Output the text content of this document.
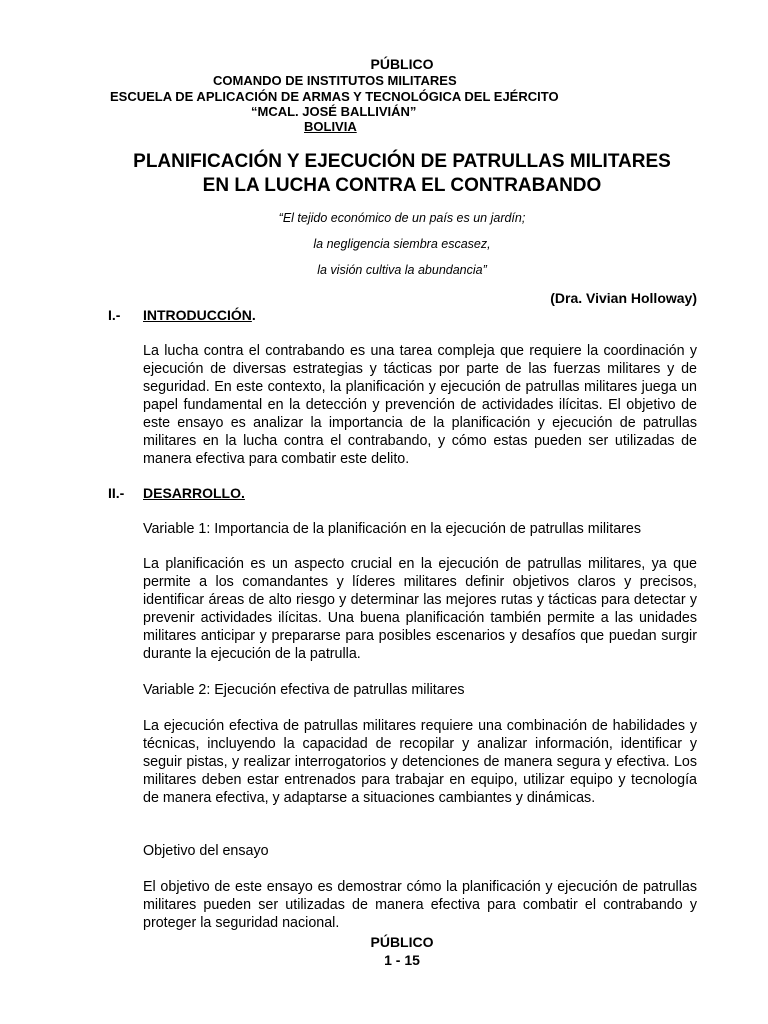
PÚBLICO
COMANDO DE INSTITUTOS MILITARES
ESCUELA DE APLICACIÓN DE ARMAS Y TECNOLÓGICA DEL EJÉRCITO
“MCAL. JOSÉ BALLIVIÁN”
BOLIVIA
PLANIFICACIÓN Y EJECUCIÓN DE PATRULLAS MILITARES
EN LA LUCHA CONTRA EL CONTRABANDO
“El tejido económico de un país es un jardín;
la negligencia siembra escasez,
la visión cultiva la abundancia”
(Dra. Vivian Holloway)
I.- INTRODUCCIÓN.
La lucha contra el contrabando es una tarea compleja que requiere la coordinación y ejecución de diversas estrategias y tácticas por parte de las fuerzas militares y de seguridad. En este contexto, la planificación y ejecución de patrullas militares juega un papel fundamental en la detección y prevención de actividades ilícitas. El objetivo de este ensayo es analizar la importancia de la planificación y ejecución de patrullas militares en la lucha contra el contrabando, y cómo estas pueden ser utilizadas de manera efectiva para combatir este delito.
II.- DESARROLLO.
Variable 1: Importancia de la planificación en la ejecución de patrullas militares
La planificación es un aspecto crucial en la ejecución de patrullas militares, ya que permite a los comandantes y líderes militares definir objetivos claros y precisos, identificar áreas de alto riesgo y determinar las mejores rutas y tácticas para detectar y prevenir actividades ilícitas. Una buena planificación también permite a las unidades militares anticipar y prepararse para posibles escenarios y desafíos que puedan surgir durante la ejecución de la patrulla.
Variable 2: Ejecución efectiva de patrullas militares
La ejecución efectiva de patrullas militares requiere una combinación de habilidades y técnicas, incluyendo la capacidad de recopilar y analizar información, identificar y seguir pistas, y realizar interrogatorios y detenciones de manera segura y efectiva. Los militares deben estar entrenados para trabajar en equipo, utilizar equipo y tecnología de manera efectiva, y adaptarse a situaciones cambiantes y dinámicas.
Objetivo del ensayo
El objetivo de este ensayo es demostrar cómo la planificación y ejecución de patrullas militares pueden ser utilizadas de manera efectiva para combatir el contrabando y proteger la seguridad nacional.
PÚBLICO
1 - 15
